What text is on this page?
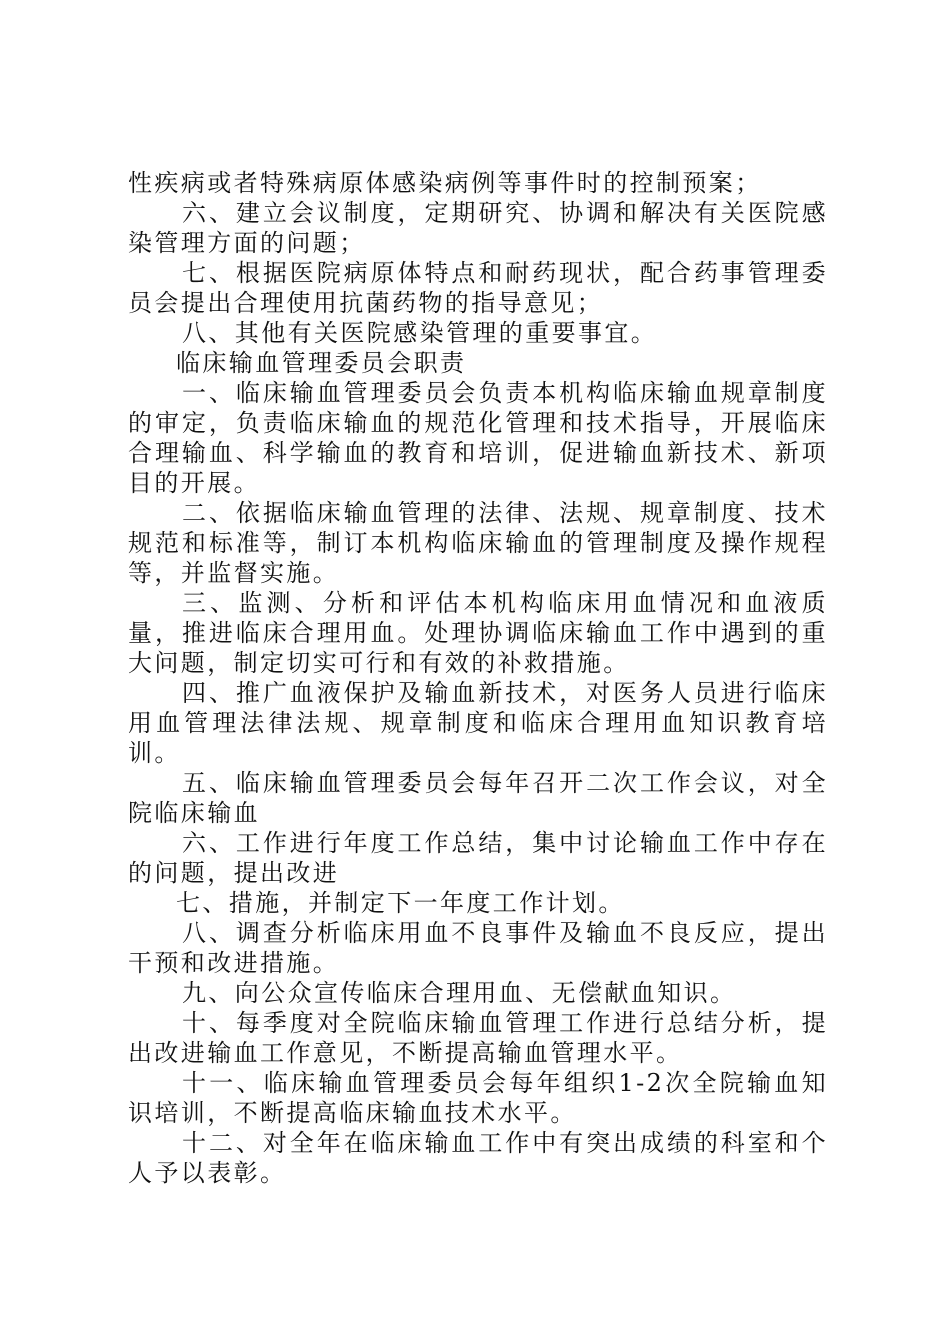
性疾病或者特殊病原体感染病例等事件时的控制预案；

六、建立会议制度，定期研究、协调和解决有关医院感染管理方面的问题；

七、根据医院病原体特点和耐药现状，配合药事管理委员会提出合理使用抗菌药物的指导意见；

八、其他有关医院感染管理的重要事宜。

临床输血管理委员会职责

一、临床输血管理委员会负责本机构临床输血规章制度的审定，负责临床输血的规范化管理和技术指导，开展临床合理输血、科学输血的教育和培训，促进输血新技术、新项目的开展。

二、依据临床输血管理的法律、法规、规章制度、技术规范和标准等，制订本机构临床输血的管理制度及操作规程等，并监督实施。

三、监测、分析和评估本机构临床用血情况和血液质量，推进临床合理用血。处理协调临床输血工作中遇到的重大问题，制定切实可行和有效的补救措施。

四、推广血液保护及输血新技术，对医务人员进行临床用血管理法律法规、规章制度和临床合理用血知识教育培训。

五、临床输血管理委员会每年召开二次工作会议，对全院临床输血

六、工作进行年度工作总结，集中讨论输血工作中存在的问题，提出改进

七、措施，并制定下一年度工作计划。

八、调查分析临床用血不良事件及输血不良反应，提出干预和改进措施。

九、向公众宣传临床合理用血、无偿献血知识。

十、每季度对全院临床输血管理工作进行总结分析，提出改进输血工作意见，不断提高输血管理水平。

十一、临床输血管理委员会每年组织1-2次全院输血知识培训，不断提高临床输血技术水平。

十二、对全年在临床输血工作中有突出成绩的科室和个人予以表彰。
